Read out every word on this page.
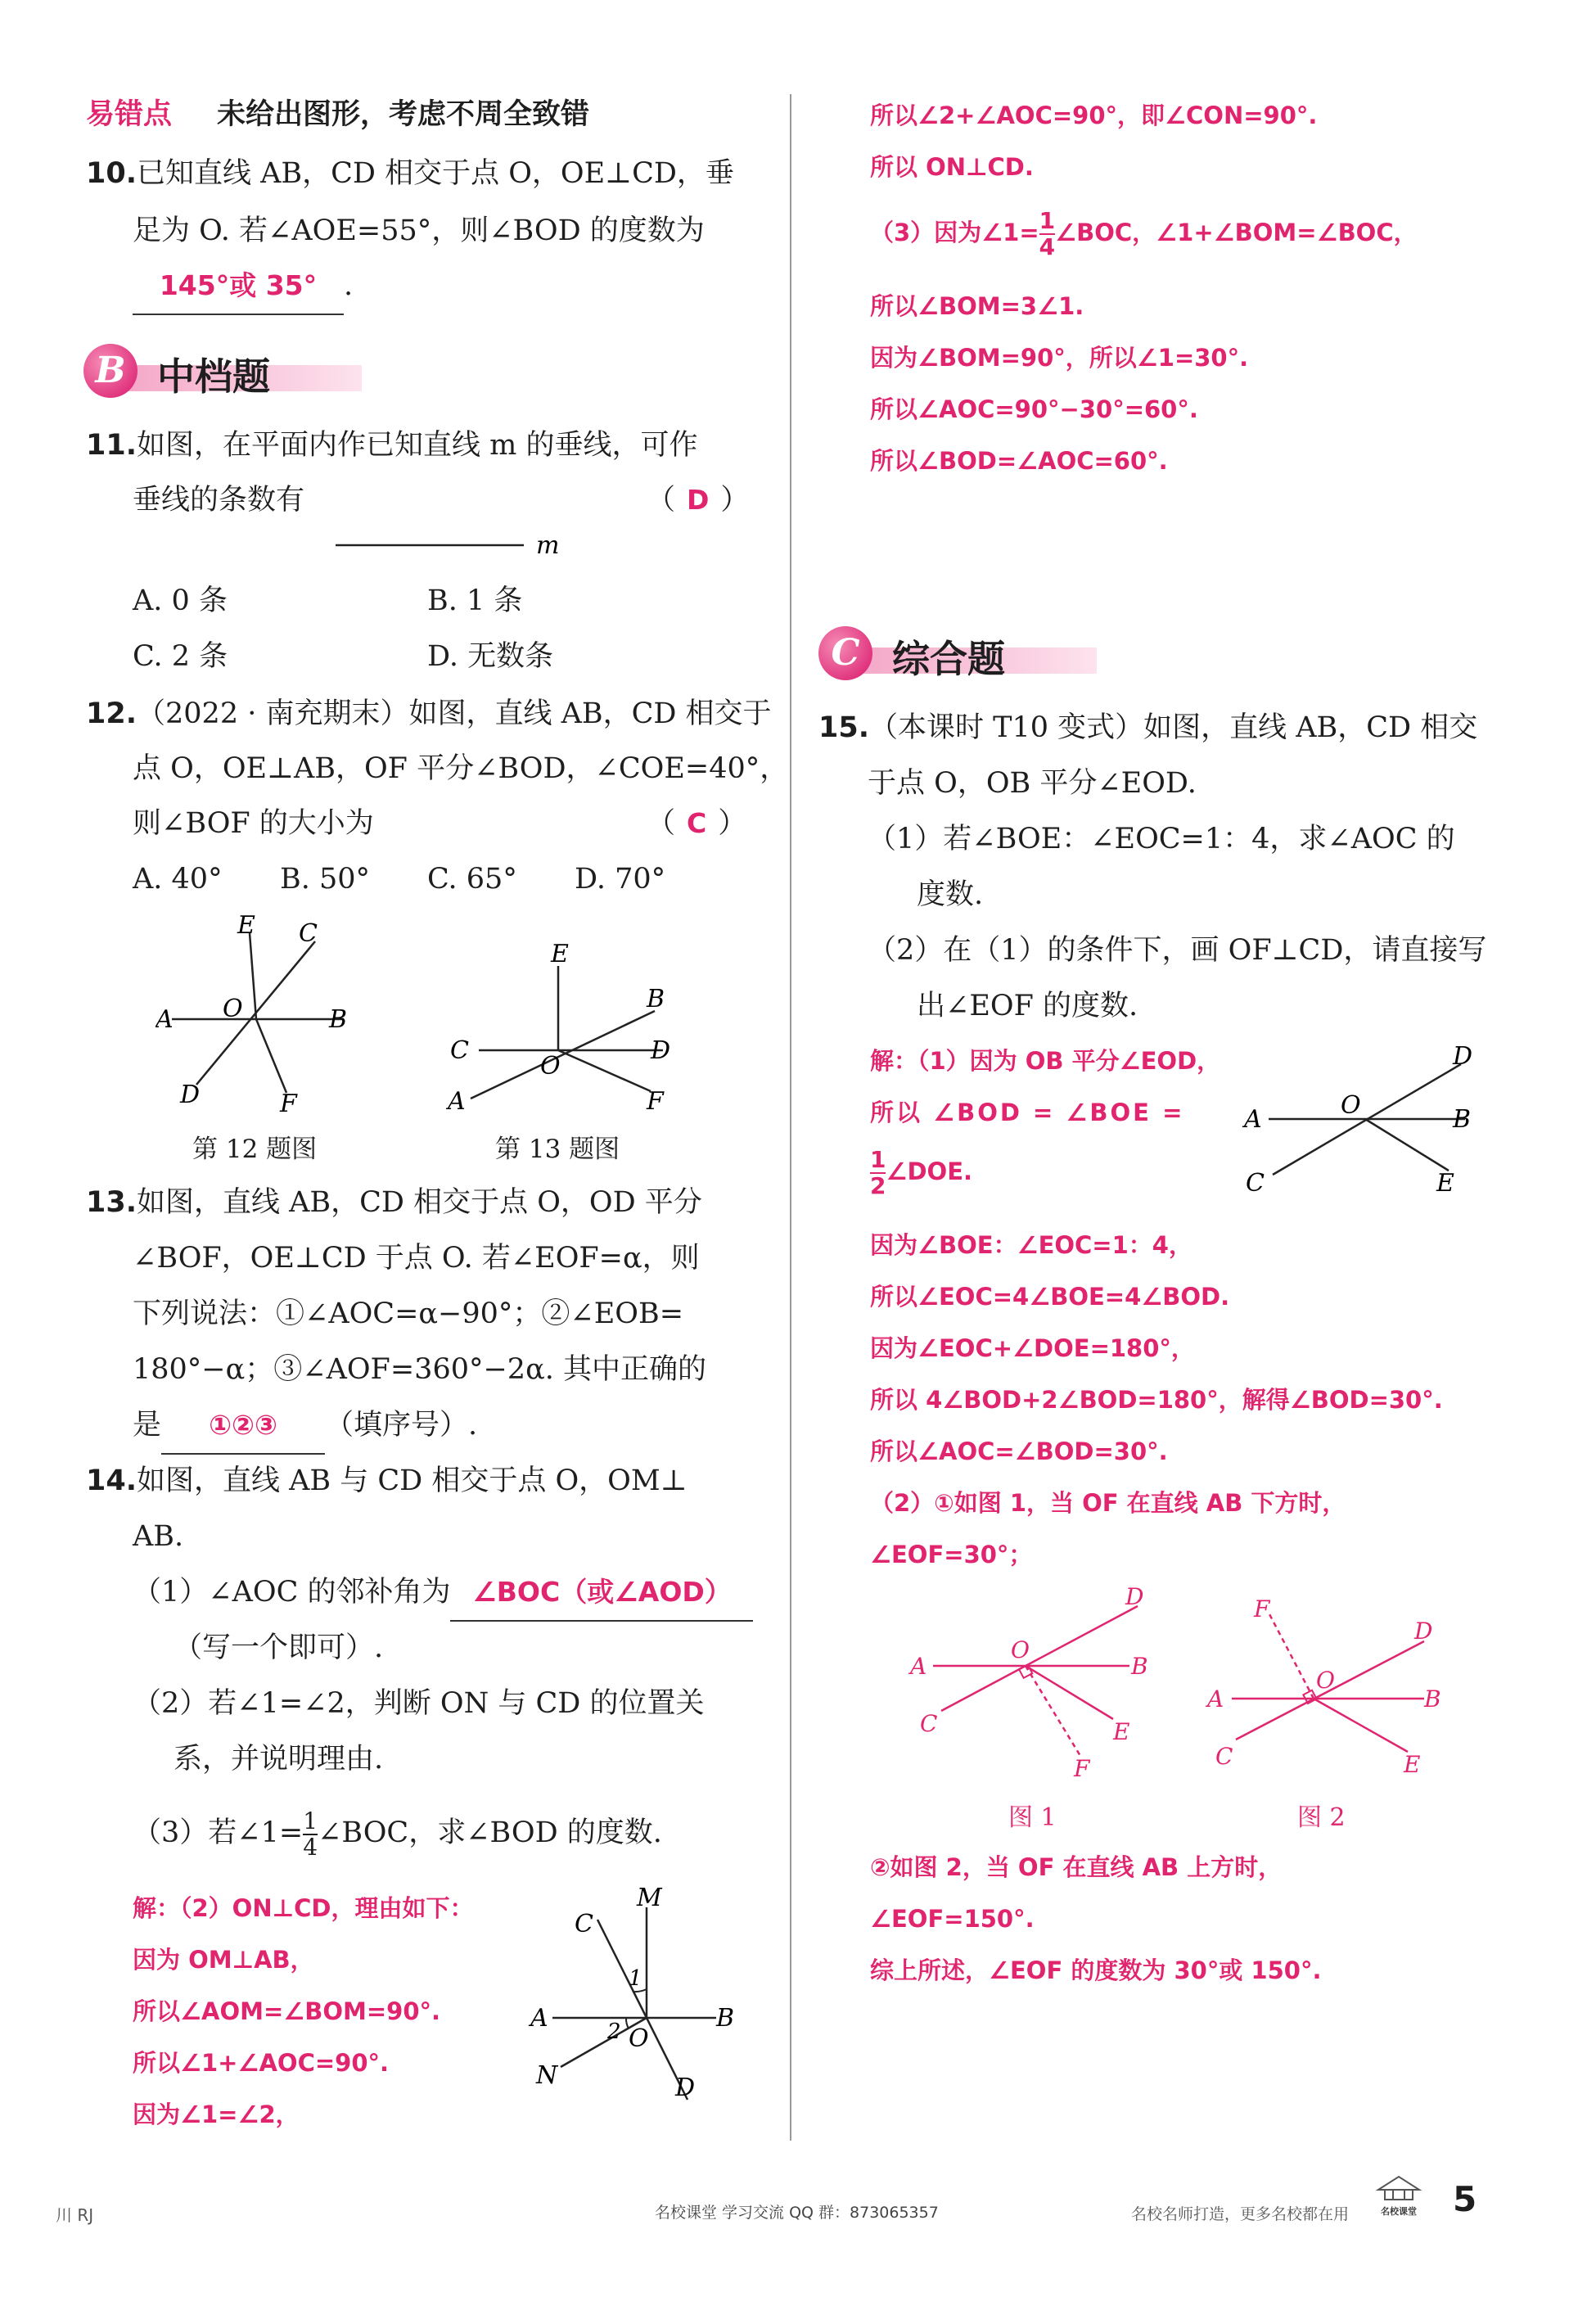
易错点 未给出图形，考虑不周全致错
10.已知直线 AB，CD 相交于点 O，OE⊥CD，垂
足为 O. 若∠AOE=55°，则∠BOD 的度数为
145°或 35° .
B 中档题
11.如图，在平面内作已知直线 m 的垂线，可作
垂线的条数有	（ D ）
m
A. 0 条	B. 1 条
C. 2 条	D. 无数条
12.（2022 · 南充期末）如图，直线 AB，CD 相交于
点 O，OE⊥AB，OF 平分∠BOD，∠COE=40°，
则∠BOF 的大小为	（ C ）
A. 40° B. 50° C. 65° D. 70°
E C
A O	B
D	F
第 12 题图
E
B
C
O
D
A	F
第 13 题图
13.如图，直线 AB，CD 相交于点 O，OD 平分
∠BOF，OE⊥CD 于点 O. 若∠EOF=α，则
下列说法：①∠AOC=α−90°；②∠EOB=
180°−α；③∠AOF=360°−2α. 其中正确的
是 ①②③ （填序号）.
14.如图，直线 AB 与 CD 相交于点 O，OM⊥
AB.
（1）∠AOC 的邻补角为 ∠BOC（或∠AOD）
（写一个即可）.
（2）若∠1=∠2，判断 ON 与 CD 的位置关
系，并说明理由.
（3）若∠1= $\frac{1}{4}$ ∠BOC，求∠BOD 的度数.
解：（2）ON⊥CD，理由如下：
因为 OM⊥AB，
所以∠AOM=∠BOM=90°.
所以∠1+∠AOC=90°.
因为∠1=∠2，
C
M
1
A	2 O
B
N	D
所以∠2+∠AOC=90°，即∠CON=90°.
所以 ON⊥CD.
（3）因为∠1= $\frac{1}{4}$ ∠BOC，∠1+∠BOM=∠BOC，
所以∠BOM=3∠1.
因为∠BOM=90°，所以∠1=30°.
所以∠AOC=90°−30°=60°.
所以∠BOD=∠AOC=60°.
C 综合题
15.（本课时 T10 变式）如图，直线 AB，CD 相交
于点 O，OB 平分∠EOD.
（1）若∠BOE：∠EOC=1：4，求∠AOC 的
度数.
（2）在（1）的条件下，画 OF⊥CD，请直接写
出∠EOF 的度数.
解：（1）因为 OB 平分∠EOD，
所以 ∠BOD = ∠BOE =
$\frac{1}{2}$ ∠DOE.
因为∠BOE：∠EOC=1：4，
所以∠EOC=4∠BOE=4∠BOD.
因为∠EOC+∠DOE=180°，
所以 4∠BOD+2∠BOD=180°，解得∠BOD=30°.
所以∠AOC=∠BOD=30°.
（2）①如图 1，当 OF 在直线 AB 下方时，
∠EOF=30°；
D
A	O	B
C	E
D
A
O
B
C	E
F
图 1
F
D
A
O
B
C	E
图 2
②如图 2，当 OF 在直线 AB 上方时，
∠EOF=150°.
综上所述，∠EOF 的度数为 30°或 150°.
川 RJ	名校课堂 学习交流 QQ 群：873065357	名校名师打造，更多名校都在用	名校课堂 5
